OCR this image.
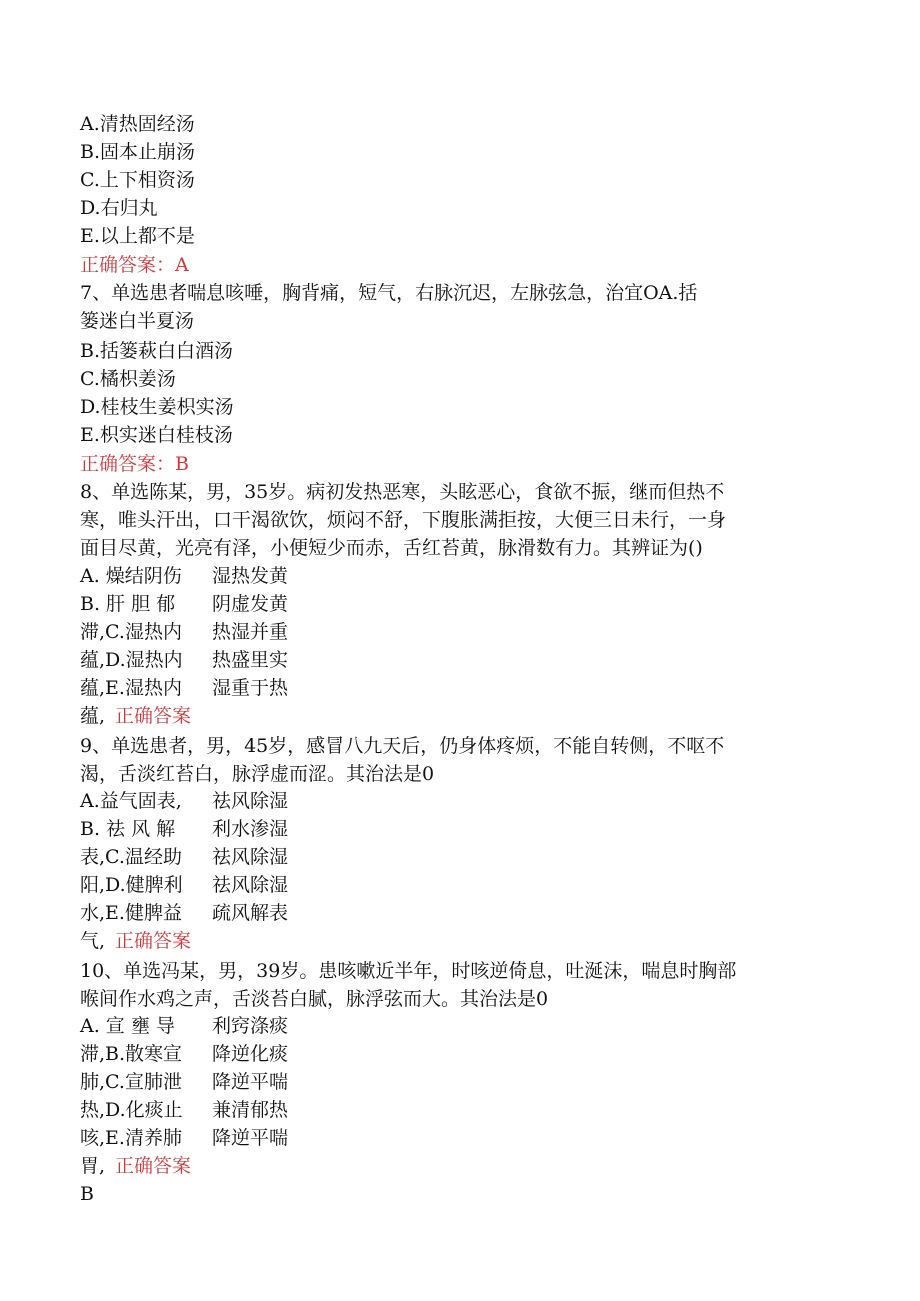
A.清热固经汤
B.固本止崩汤
C.上下相资汤
D.右归丸
E.以上都不是
正确答案：A
7、单选患者喘息咳唾，胸背痛，短气，右脉沉迟，左脉弦急，治宜OA.括
篓迷白半夏汤
B.括篓萩白白酒汤
C.橘枳姜汤
D.桂枝生姜枳实汤
E.枳实迷白桂枝汤
正确答案：B
8、单选陈某，男，35岁。病初发热恶寒，头眩恶心，食欲不振，继而但热不
寒，唯头汗出，口干渴欲饮，烦闷不舒，下腹胀满拒按，大便三日未行，一身
面目尽黄，光亮有泽，小便短少而赤，舌红苔黄，脉滑数有力。其辨证为()
A. 燥结阴伤 湿热发黄
B. 肝 胆 郁 阴虚发黄
滞,C.湿热内 热湿并重
蕴,D.湿热内 热盛里实
蕴,E.湿热内 湿重于热
蕴, 正确答案
9、单选患者，男，45岁，感冒八九天后，仍身体疼烦，不能自转侧，不呕不
渴，舌淡红苔白，脉浮虚而涩。其治法是0
A.益气固表, 祛风除湿
B. 祛 风 解 利水渗湿
表,C.温经助 祛风除湿
阳,D.健脾利 祛风除湿
水,E.健脾益 疏风解表
气, 正确答案
10、单选冯某，男，39岁。患咳嗽近半年，时咳逆倚息，吐涎沫，喘息时胸部
喉间作水鸡之声，舌淡苔白腻，脉浮弦而大。其治法是0
A. 宣 壅 导 利窍涤痰
滞,B.散寒宣 降逆化痰
肺,C.宣肺泄 降逆平喘
热,D.化痰止 兼清郁热
咳,E.清养肺 降逆平喘
胃, 正确答案
B
